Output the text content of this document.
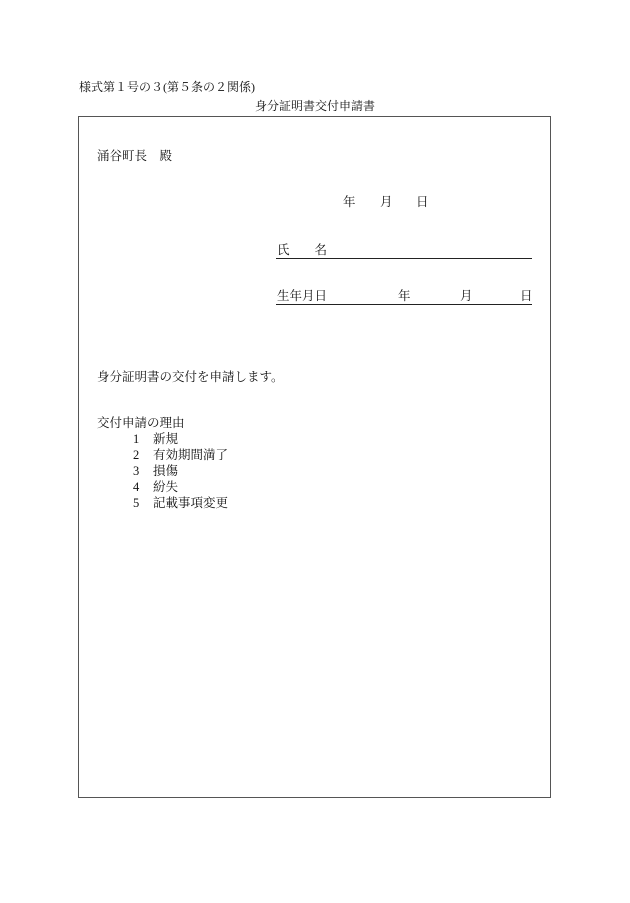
様式第１号の３(第５条の２関係)
身分証明書交付申請書
涌谷町長　殿
年 月 日
氏　　名
生年月日	年	月	日
身分証明書の交付を申請します。
交付申請の理由
1 新規
2 有効期間満了
3 損傷
4 紛失
5 記載事項変更
